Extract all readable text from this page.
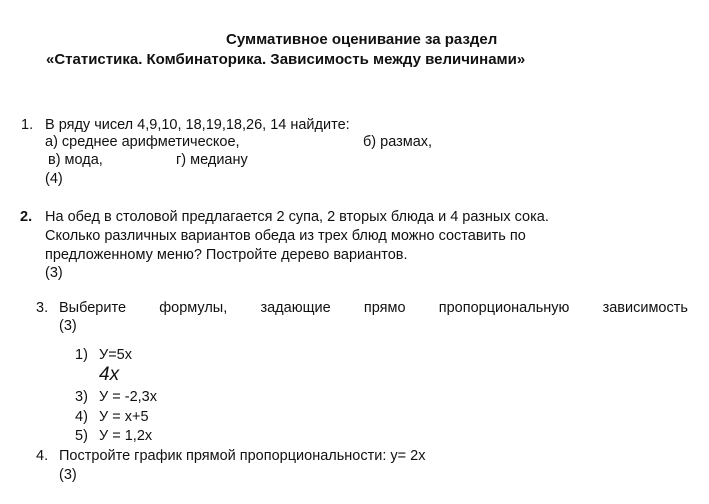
Суммативное оценивание за раздел
«Статистика. Комбинаторика. Зависимость между величинами»
1. В ряду чисел 4,9,10, 18,19,18,26, 14 найдите:
а) среднее арифметическое,	б) размах,
в) мода,	г) медиану
(4)
2. На обед в столовой предлагается 2 супа, 2 вторых блюда и 4 разных сока.
Сколько различных вариантов обеда из трех блюд можно составить по
предложенному меню? Постройте дерево вариантов.
(3)
3. Выберите формулы, задающие прямо пропорциональную зависимость
(3)
1) У=5х
4x
3) У = -2,3х
4) У = х+5
5) У = 1,2х
4. Постройте график прямой пропорциональности: у= 2х
(3)
